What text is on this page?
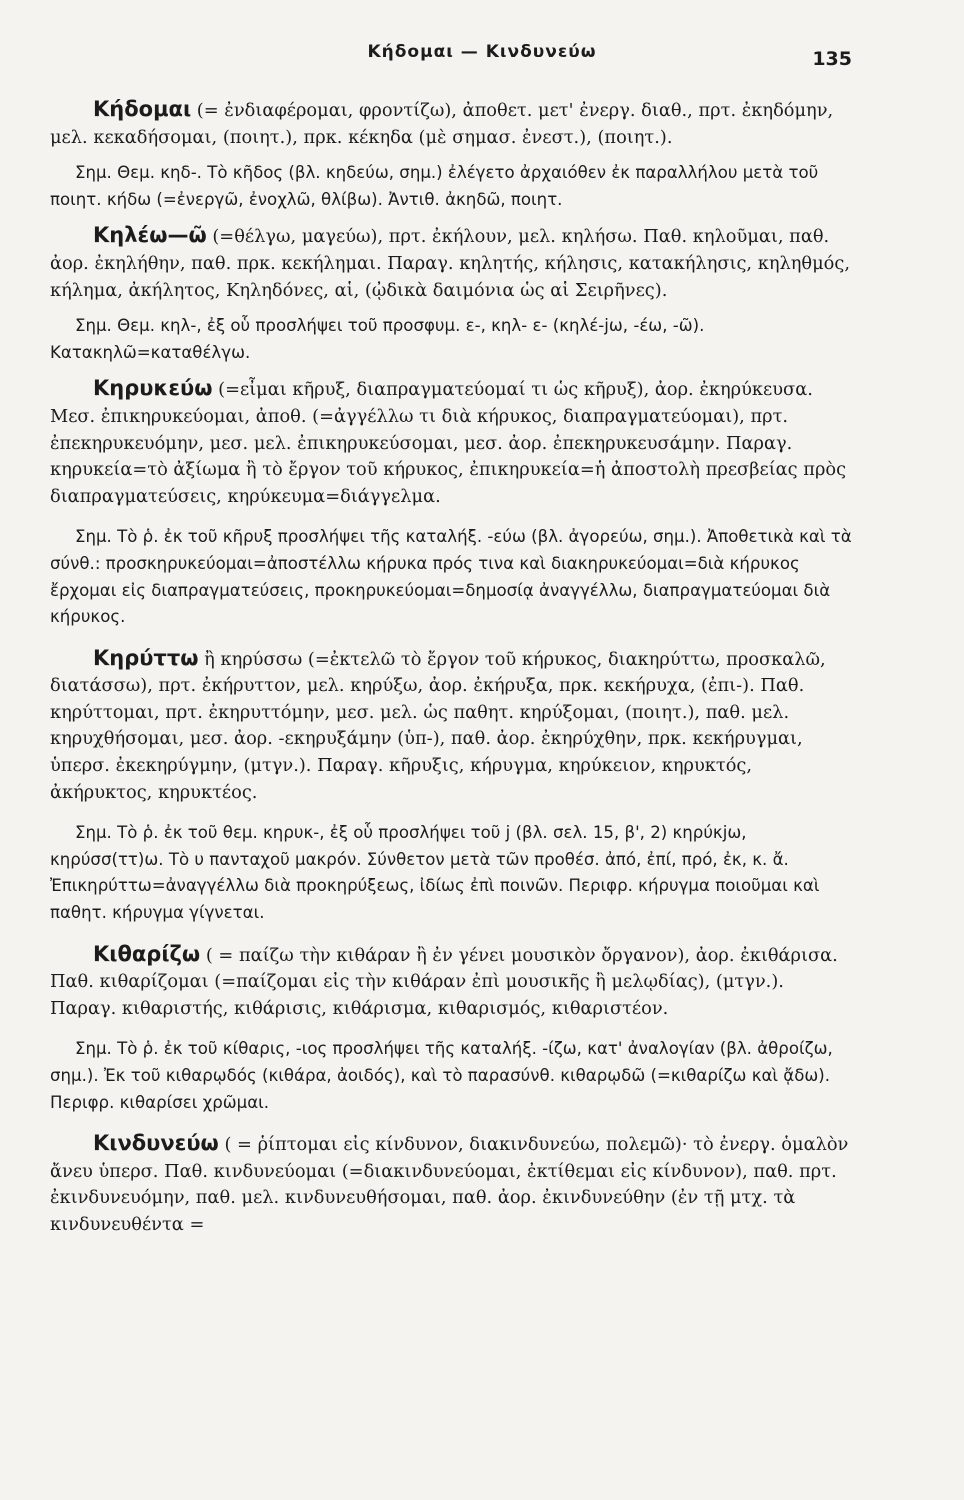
Κήδομαι — Κινδυνεύω	135

Κήδομαι (= ἐνδιαφέρομαι, φροντίζω), ἀποθετ. μετ' ἐνεργ. διαθ., πρτ. ἐκηδόμην, μελ. κεκαδήσομαι, (ποιητ.), πρκ. κέκηδα (μὲ σημασ. ἐνεστ.), (ποιητ.).

Σημ. Θεμ. κηδ-. Τὸ κῆδος (βλ. κηδεύω, σημ.) ἐλέγετο ἀρχαιόθεν ἐκ παραλλήλου μετὰ τοῦ ποιητ. κήδω (=ἐνεργῶ, ἐνοχλῶ, θλίβω). Ἀντιθ. ἀκηδῶ, ποιητ.

Κηλέω—ῶ (=θέλγω, μαγεύω), πρτ. ἐκήλουν, μελ. κηλήσω. Παθ. κηλοῦμαι, παθ. ἀορ. ἐκηλήθην, παθ. πρκ. κεκήλημαι. Παραγ. κηλητής, κήλησις, κατακήλησις, κηληθμός, κήλημα, ἀκήλητος, Κηληδόνες, αἱ, (ᾠδικὰ δαιμόνια ὡς αἱ Σειρῆνες).

Σημ. Θεμ. κηλ-, ἐξ οὗ προσλήψει τοῦ προσφυμ. ε-, κηλ- ε- (κηλέ-jω, -έω, -ῶ). Κατακηλῶ=καταθέλγω.

Κηρυκεύω (=εἶμαι κῆρυξ, διαπραγματεύομαί τι ὡς κῆρυξ), ἀορ. ἐκηρύκευσα. Μεσ. ἐπικηρυκεύομαι, ἀποθ. (=ἀγγέλλω τι διὰ κήρυκος, διαπραγματεύομαι), πρτ. ἐπεκηρυκευόμην, μεσ. μελ. ἐπικηρυκεύσομαι, μεσ. ἀορ. ἐπεκηρυκευσάμην. Παραγ. κηρυκεία=τὸ ἀξίωμα ἢ τὸ ἔργον τοῦ κήρυκος, ἐπικηρυκεία=ἡ ἀποστολὴ πρεσβείας πρὸς διαπραγματεύσεις, κηρύκευμα=διάγγελμα.

Σημ. Τὸ ῥ. ἐκ τοῦ κῆρυξ προσλήψει τῆς καταλήξ. -εύω (βλ. ἀγορεύω, σημ.). Ἀποθετικὰ καὶ τὰ σύνθ.: προσκηρυκεύομαι=ἀποστέλλω κήρυκα πρός τινα καὶ διακηρυκεύομαι=διὰ κήρυκος ἔρχομαι εἰς διαπραγματεύσεις, προκηρυκεύομαι=δημοσίᾳ ἀναγγέλλω, διαπραγματεύομαι διὰ κήρυκος.

Κηρύττω ἢ κηρύσσω (=ἐκτελῶ τὸ ἔργον τοῦ κήρυκος, διακηρύττω, προσκαλῶ, διατάσσω), πρτ. ἐκήρυττον, μελ. κηρύξω, ἀορ. ἐκήρυξα, πρκ. κεκήρυχα, (ἐπι-). Παθ. κηρύττομαι, πρτ. ἐκηρυττόμην, μεσ. μελ. ὡς παθητ. κηρύξομαι, (ποιητ.), παθ. μελ. κηρυχθήσομαι, μεσ. ἀορ. -εκηρυξάμην (ὑπ-), παθ. ἀορ. ἐκηρύχθην, πρκ. κεκήρυγμαι, ὑπερσ. ἐκεκηρύγμην, (μτγν.). Παραγ. κῆρυξις, κήρυγμα, κηρύκειον, κηρυκτός, ἀκήρυκτος, κηρυκτέος.

Σημ. Τὸ ῥ. ἐκ τοῦ θεμ. κηρυκ-, ἐξ οὗ προσλήψει τοῦ j (βλ. σελ. 15, β', 2) κηρύκjω, κηρύσσ(ττ)ω. Τὸ υ πανταχοῦ μακρόν. Σύνθετον μετὰ τῶν προθέσ. ἀπό, ἐπί, πρό, ἐκ, κ. ἄ. Ἐπικηρύττω=ἀναγγέλλω διὰ προκηρύξεως, ἰδίως ἐπὶ ποινῶν. Περιφρ. κήρυγμα ποιοῦμαι καὶ παθητ. κήρυγμα γίγνεται.

Κιθαρίζω ( = παίζω τὴν κιθάραν ἢ ἐν γένει μουσικὸν ὄργανον), ἀορ. ἐκιθάρισα. Παθ. κιθαρίζομαι (=παίζομαι εἰς τὴν κιθάραν ἐπὶ μουσικῆς ἢ μελῳδίας), (μτγν.). Παραγ. κιθαριστής, κιθάρισις, κιθάρισμα, κιθαρισμός, κιθαριστέον.

Σημ. Τὸ ῥ. ἐκ τοῦ κίθαρις, -ιος προσλήψει τῆς καταλήξ. -ίζω, κατ' ἀναλογίαν (βλ. ἀθροίζω, σημ.). Ἐκ τοῦ κιθαρῳδός (κιθάρα, ἀοιδός), καὶ τὸ παρασύνθ. κιθαρῳδῶ (=κιθαρίζω καὶ ᾄδω). Περιφρ. κιθαρίσει χρῶμαι.

Κινδυνεύω ( = ῥίπτομαι εἰς κίνδυνον, διακινδυνεύω, πολεμῶ)· τὸ ἐνεργ. ὁμαλὸν ἄνευ ὑπερσ. Παθ. κινδυνεύομαι (=διακινδυνεύομαι, ἐκτίθεμαι εἰς κίνδυνον), παθ. πρτ. ἐκινδυνευόμην, παθ. μελ. κινδυνευθήσομαι, παθ. ἀορ. ἐκινδυνεύθην (ἐν τῇ μτχ. τὰ κινδυνευθέντα =
